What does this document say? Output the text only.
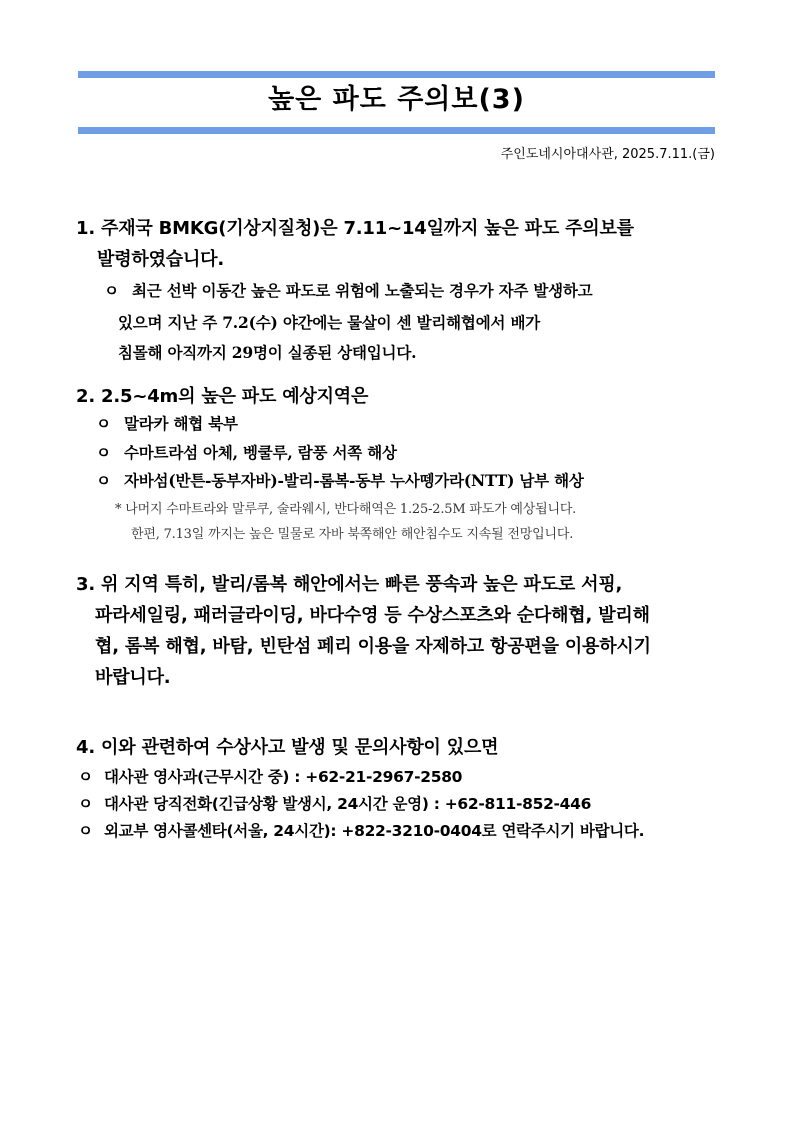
높은 파도 주의보(3)
주인도네시아대사관, 2025.7.11.(금)
1. 주재국 BMKG(기상지질청)은 7.11~14일까지 높은 파도 주의보를
발령하였습니다.
ㅇ 최근 선박 이동간 높은 파도로 위험에 노출되는 경우가 자주 발생하고
있으며 지난 주 7.2(수) 야간에는 물살이 센 발리해협에서 배가
침몰해 아직까지 29명이 실종된 상태입니다.
2. 2.5~4m의 높은 파도 예상지역은
ㅇ 말라카 해협 북부
ㅇ 수마트라섬 아체, 벵쿨루, 람풍 서쪽 해상
ㅇ 자바섬(반튼-동부자바)-발리-롬복-동부 누사뗑가라(NTT) 남부 해상
* 나머지 수마트라와 말루쿠, 술라웨시, 반다해역은 1.25-2.5M 파도가 예상됩니다.
한편, 7.13일 까지는 높은 밀물로 자바 북쪽해안 해안침수도 지속될 전망입니다.
3. 위 지역 특히, 발리/롬복 해안에서는 빠른 풍속과 높은 파도로 서핑,
파라세일링, 패러글라이딩, 바다수영 등 수상스포츠와 순다해협, 발리해
협, 롬복 해협, 바탐, 빈탄섬 페리 이용을 자제하고 항공편을 이용하시기
바랍니다.
4. 이와 관련하여 수상사고 발생 및 문의사항이 있으면
ㅇ 대사관 영사과(근무시간 중) : +62-21-2967-2580
ㅇ 대사관 당직전화(긴급상황 발생시, 24시간 운영) : +62-811-852-446
ㅇ 외교부 영사콜센타(서울, 24시간): +822-3210-0404로 연락주시기 바랍니다.
